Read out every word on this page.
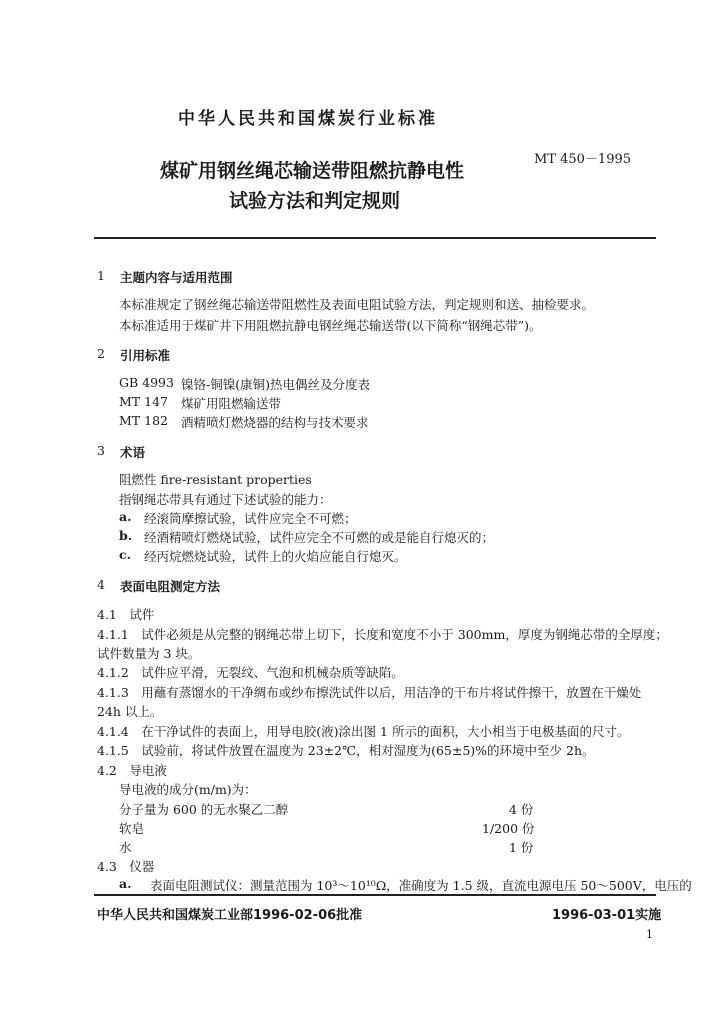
中华人民共和国煤炭行业标准
MT 450－1995
煤矿用钢丝绳芯输送带阻燃抗静电性
试验方法和判定规则
1 主题内容与适用范围
本标准规定了钢丝绳芯输送带阻燃性及表面电阻试验方法，判定规则和送、抽检要求。
本标准适用于煤矿井下用阻燃抗静电钢丝绳芯输送带(以下简称“钢绳芯带”)。
2 引用标准
GB 4993 镍铬-铜镍(康铜)热电偶丝及分度表
MT 147 煤矿用阻燃输送带
MT 182 酒精喷灯燃烧器的结构与技术要求
3 术语
阻燃性 fire-resistant properties
指钢绳芯带具有通过下述试验的能力：
a. 经滚筒摩擦试验，试件应完全不可燃；
b. 经酒精喷灯燃烧试验，试件应完全不可燃的或是能自行熄灭的；
c. 经丙烷燃烧试验，试件上的火焰应能自行熄灭。
4 表面电阻测定方法
4.1　试件
4.1.1　试件必须是从完整的钢绳芯带上切下，长度和宽度不小于 300mm，厚度为钢绳芯带的全厚度；
试件数量为 3 块。
4.1.2　试件应平滑，无裂纹、气泡和机械杂质等缺陷。
4.1.3　用蘸有蒸馏水的干净绸布或纱布擦洗试件以后，用洁净的干布片将试件擦干，放置在干燥处
24h 以上。
4.1.4　在干净试件的表面上，用导电胶(液)涂出图 1 所示的面积，大小相当于电极基面的尺寸。
4.1.5　试验前，将试件放置在温度为 23±2℃，相对湿度为(65±5)%的环境中至少 2h。
4.2　导电液
导电液的成分(m/m)为：
分子量为 600 的无水聚乙二醇	4 份
软皂	1/200 份
水	1 份
4.3　仪器
a. 表面电阻测试仪：测量范围为 10³～10¹⁰Ω，准确度为 1.5 级，直流电源电压 50～500V，电压的
中华人民共和国煤炭工业部1996-02-06批准	1996-03-01实施
1
